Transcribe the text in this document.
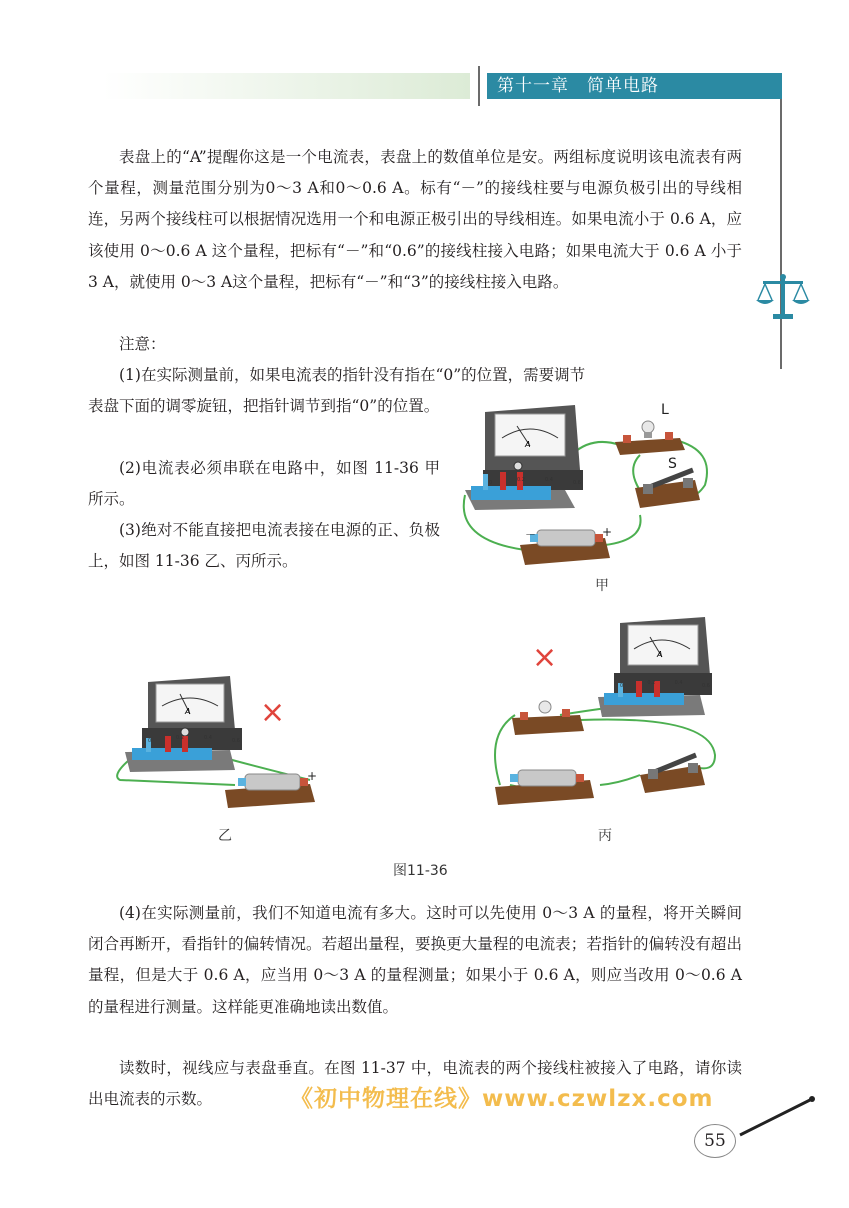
第十一章　简单电路

表盘上的“A”提醒你这是一个电流表，表盘上的数值单位是安。两组标度说明该电流表有两个量程，测量范围分别为0～3 A和0～0.6 A。标有“－”的接线柱要与电源负极引出的导线相连，另两个接线柱可以根据情况选用一个和电源正极引出的导线相连。如果电流小于 0.6 A，应该使用 0～0.6 A 这个量程，把标有“－”和“0.6”的接线柱接入电路；如果电流大于 0.6 A 小于 3 A，就使用 0～3 A这个量程，把标有“－”和“3”的接线柱接入电路。

注意：

(1)在实际测量前，如果电流表的指针没有指在“0”的位置，需要调节

表盘下面的调零旋钮，把指针调节到指“0”的位置。

(2)电流表必须串联在电路中，如图 11-36 甲所示。

(3)绝对不能直接把电流表接在电源的正、负极上，如图 11-36 乙、丙所示。

A
0	0.2	0.4	0.6
L
S
－	+
甲
A
0	0.2	0.4	0.6
+
×
乙
A
0	0.2	0.4	0.6
×
丙
图11-36

(4)在实际测量前，我们不知道电流有多大。这时可以先使用 0～3 A 的量程，将开关瞬间闭合再断开，看指针的偏转情况。若超出量程，要换更大量程的电流表；若指针的偏转没有超出量程，但是大于 0.6 A，应当用 0～3 A 的量程测量；如果小于 0.6 A，则应当改用 0～0.6 A 的量程进行测量。这样能更准确地读出数值。

读数时，视线应与表盘垂直。在图 11-37 中，电流表的两个接线柱被接入了电路，请你读出电流表的示数。	《初中物理在线》www.czwlzx.com
55
